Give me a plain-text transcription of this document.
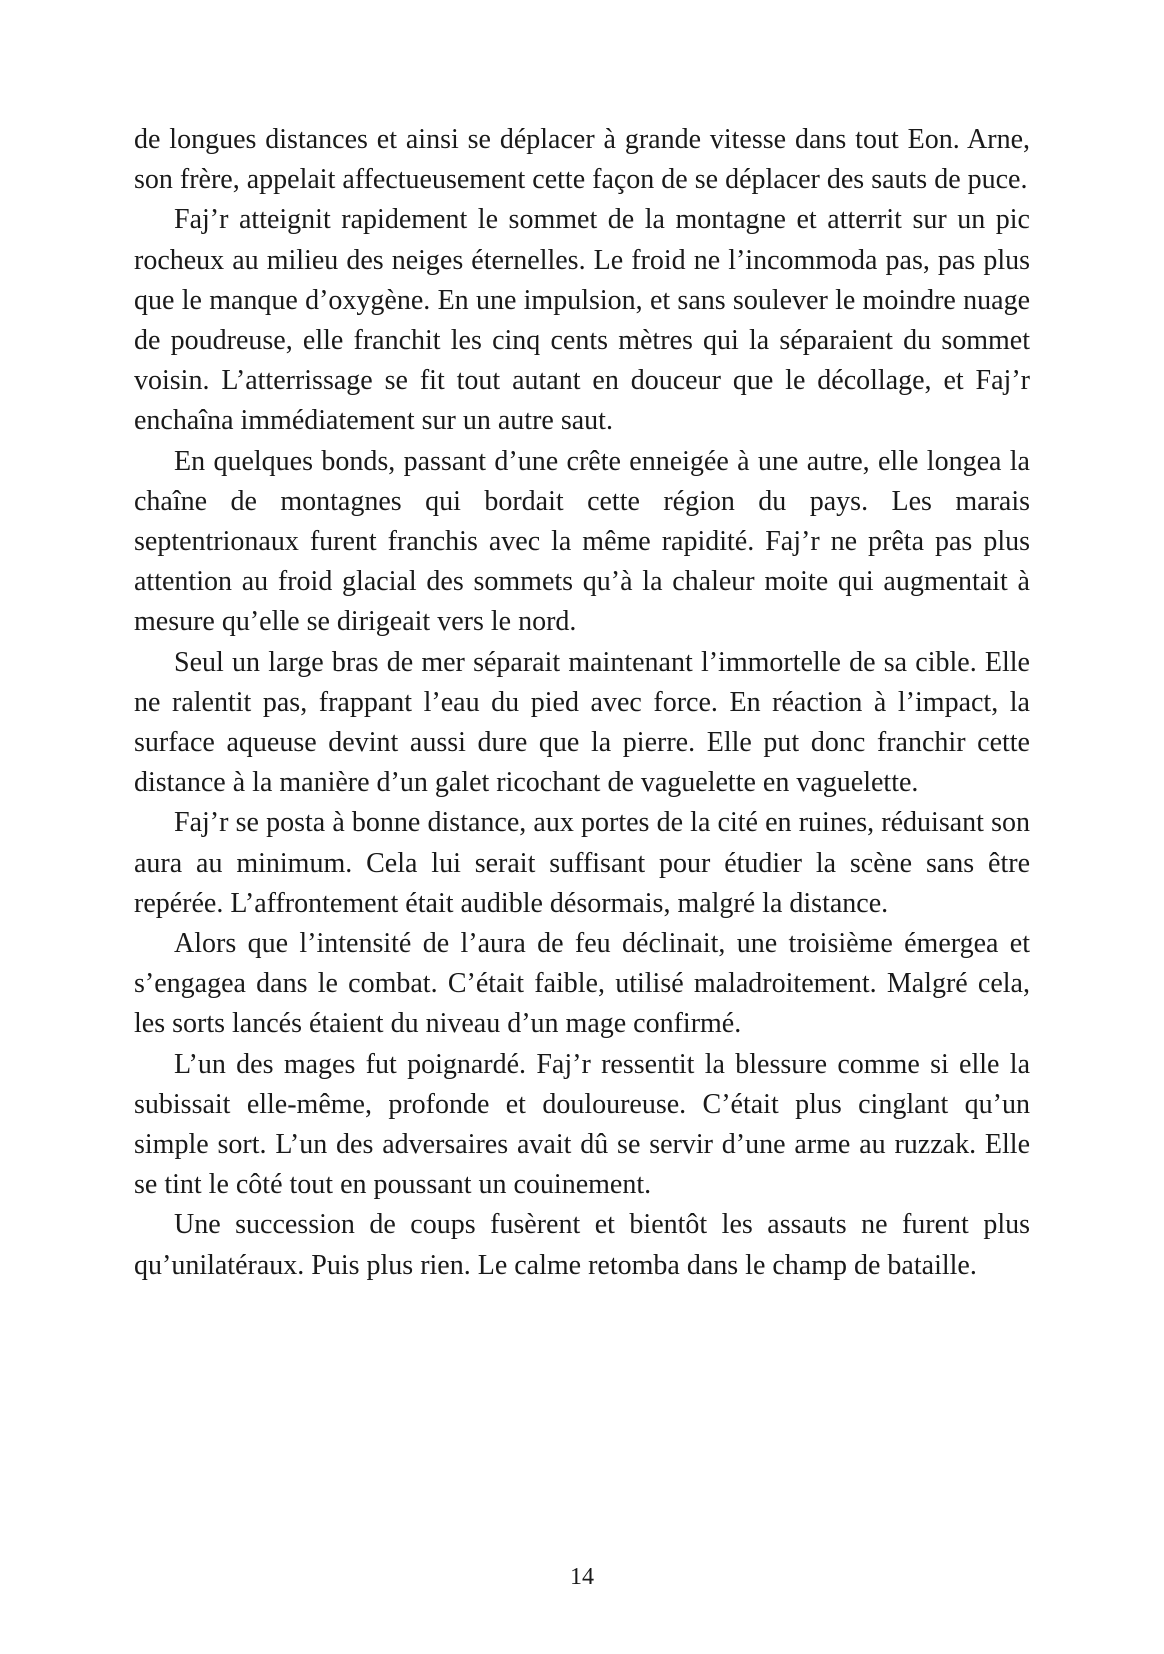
de longues distances et ainsi se déplacer à grande vitesse dans tout Eon. Arne, son frère, appelait affectueusement cette façon de se déplacer des sauts de puce.

Faj’r atteignit rapidement le sommet de la montagne et atterrit sur un pic rocheux au milieu des neiges éternelles. Le froid ne l’incommoda pas, pas plus que le manque d’oxygène. En une impulsion, et sans soulever le moindre nuage de poudreuse, elle franchit les cinq cents mètres qui la séparaient du sommet voisin. L’atterrissage se fit tout autant en douceur que le décollage, et Faj’r enchaîna immédiatement sur un autre saut.

En quelques bonds, passant d’une crête enneigée à une autre, elle longea la chaîne de montagnes qui bordait cette région du pays. Les marais septentrionaux furent franchis avec la même rapidité. Faj’r ne prêta pas plus attention au froid glacial des sommets qu’à la chaleur moite qui augmentait à mesure qu’elle se dirigeait vers le nord.

Seul un large bras de mer séparait maintenant l’immortelle de sa cible. Elle ne ralentit pas, frappant l’eau du pied avec force. En réaction à l’impact, la surface aqueuse devint aussi dure que la pierre. Elle put donc franchir cette distance à la manière d’un galet ricochant de vaguelette en vaguelette.

Faj’r se posta à bonne distance, aux portes de la cité en ruines, réduisant son aura au minimum. Cela lui serait suffisant pour étudier la scène sans être repérée. L’affrontement était audible désormais, malgré la distance.

Alors que l’intensité de l’aura de feu déclinait, une troisième émergea et s’engagea dans le combat. C’était faible, utilisé maladroitement. Malgré cela, les sorts lancés étaient du niveau d’un mage confirmé.

L’un des mages fut poignardé. Faj’r ressentit la blessure comme si elle la subissait elle-même, profonde et douloureuse. C’était plus cinglant qu’un simple sort. L’un des adversaires avait dû se servir d’une arme au ruzzak. Elle se tint le côté tout en poussant un couinement.

Une succession de coups fusèrent et bientôt les assauts ne furent plus qu’unilatéraux. Puis plus rien. Le calme retomba dans le champ de bataille.

14
